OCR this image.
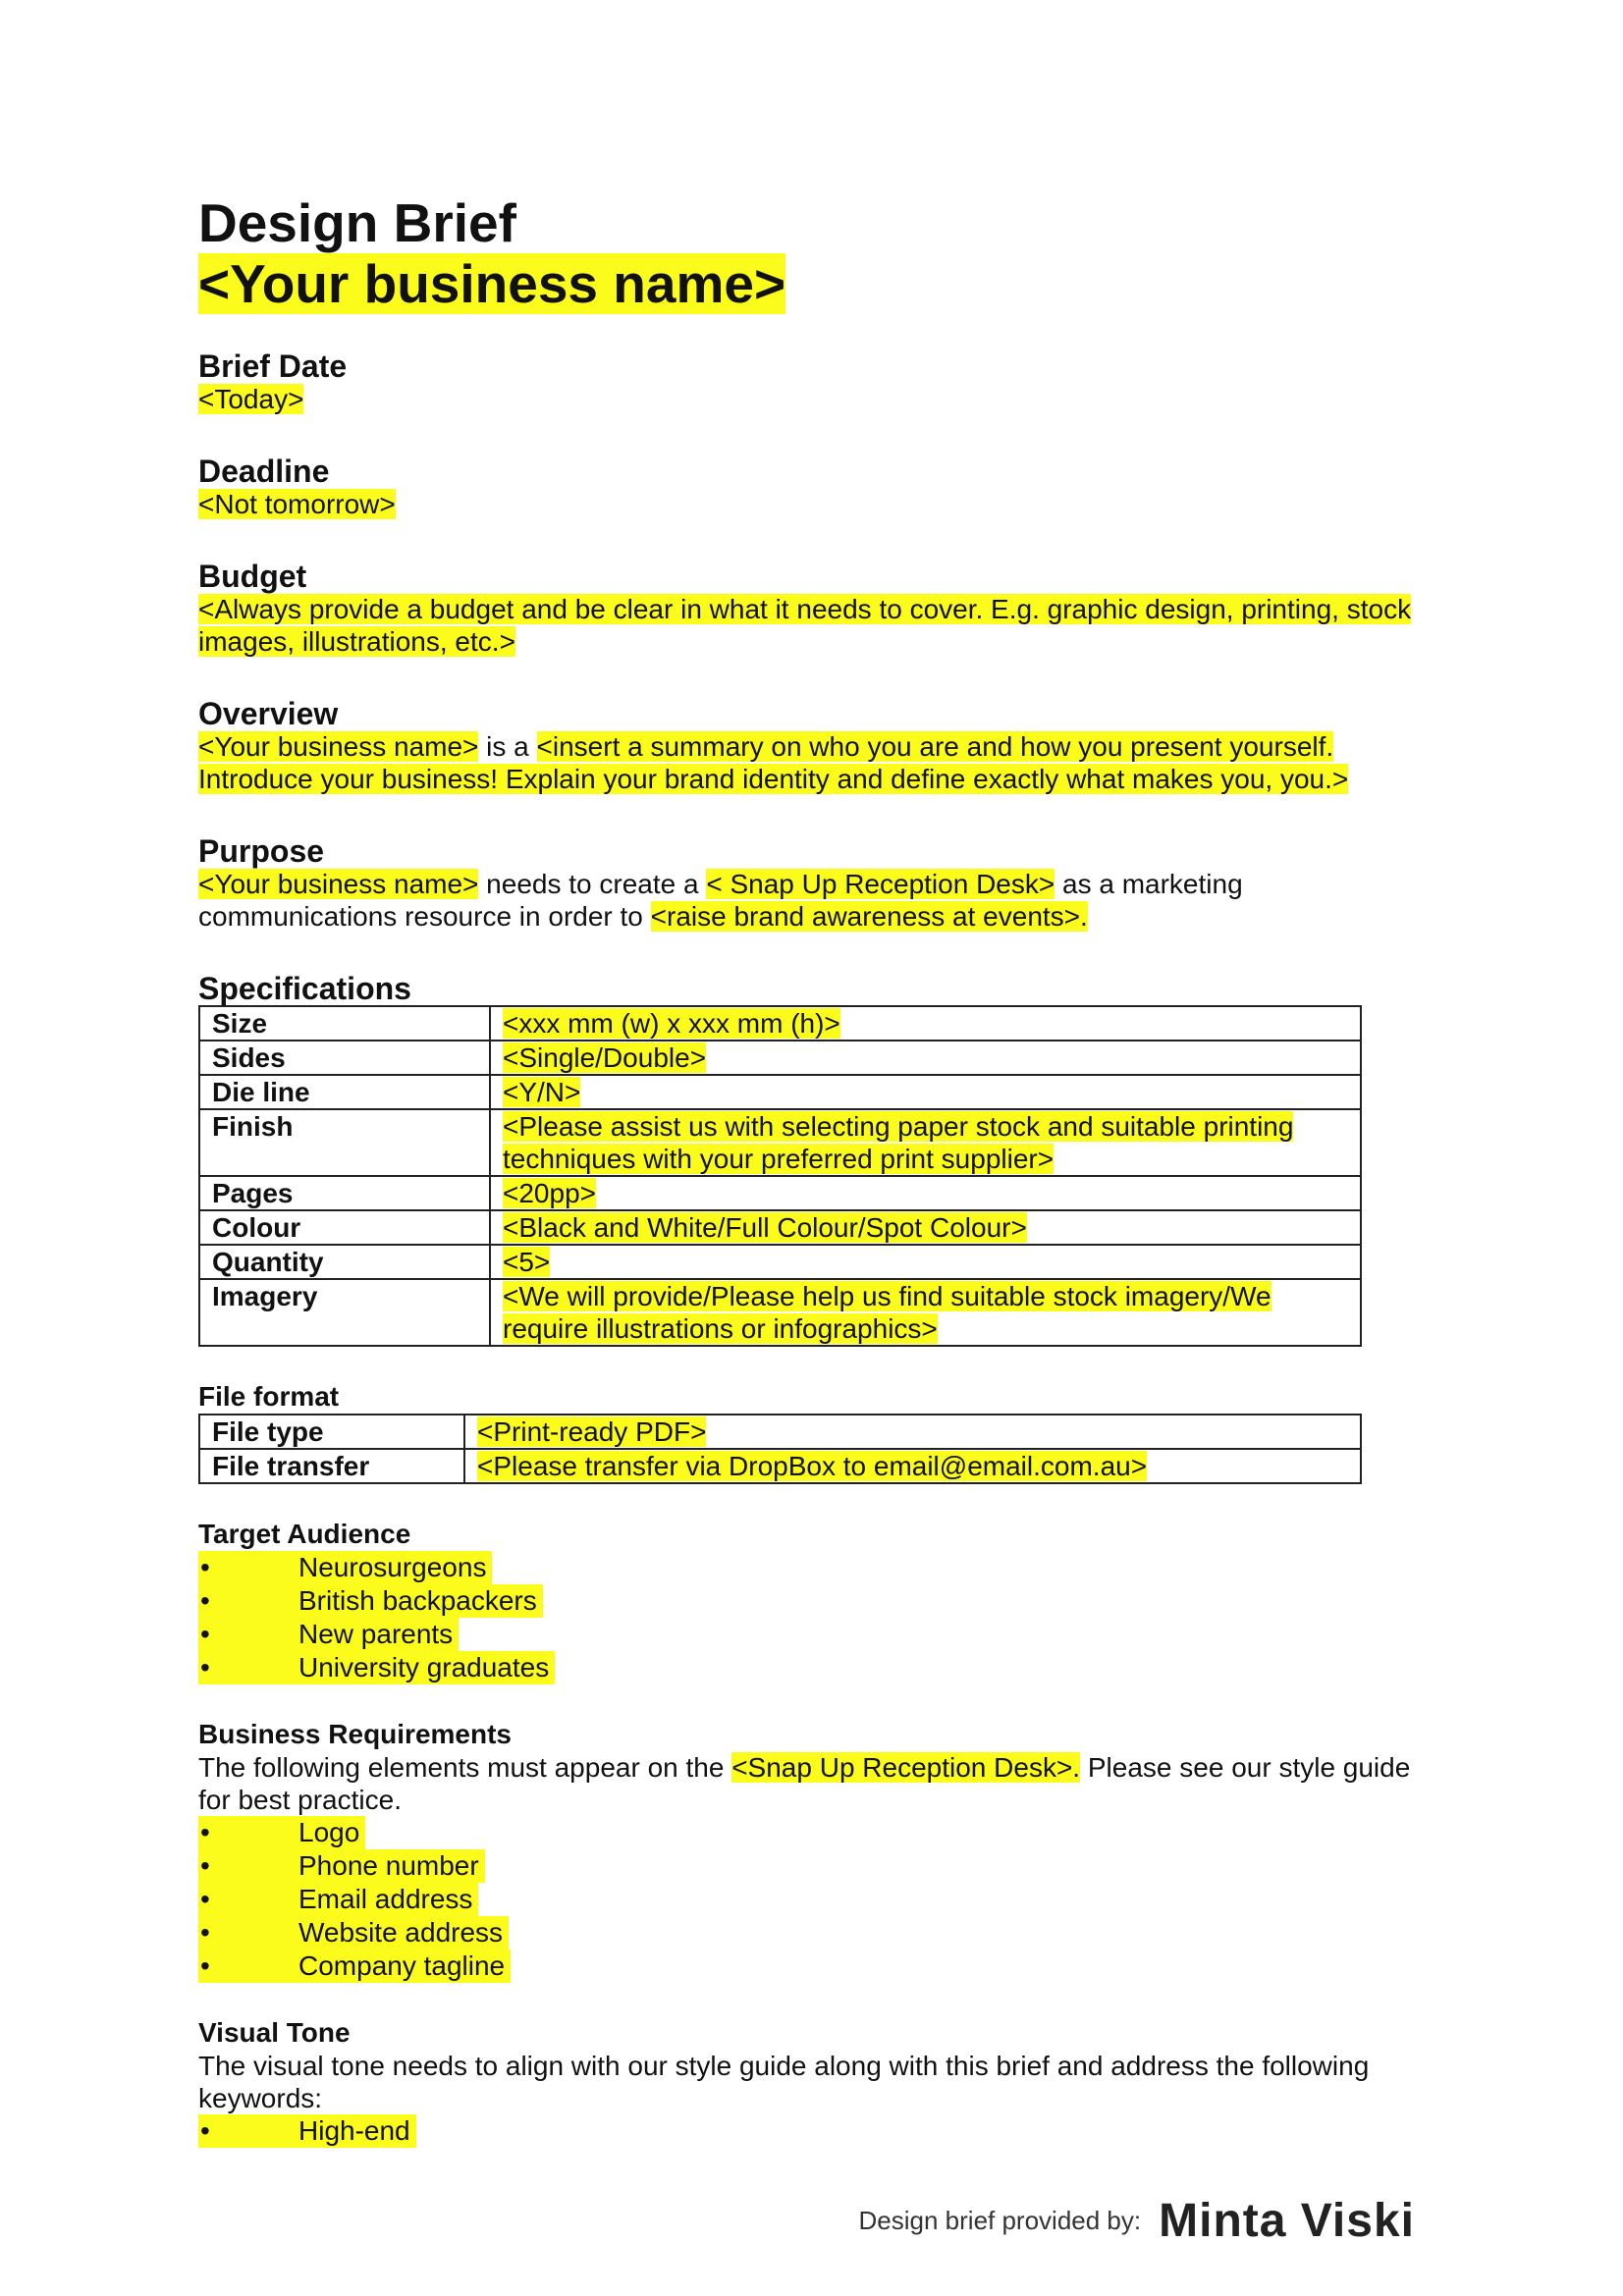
Design Brief
<Your business name>

Brief Date

<Today>

Deadline

<Not tomorrow>

Budget

<Always provide a budget and be clear in what it needs to cover. E.g. graphic design, printing, stock images, illustrations, etc.>

Overview

<Your business name> is a <insert a summary on who you are and how you present yourself. Introduce your business! Explain your brand identity and define exactly what makes you, you.>

Purpose

<Your business name> needs to create a < Snap Up Reception Desk> as a marketing communications resource in order to <raise brand awareness at events>.

Specifications

Size	<xxx mm (w) x xxx mm (h)>
Sides	<Single/Double>
Die line	<Y/N>
Finish	<Please assist us with selecting paper stock and suitable printing techniques with your preferred print supplier>
Pages	<20pp>
Colour	<Black and White/Full Colour/Spot Colour>
Quantity	<5>
Imagery	<We will provide/Please help us find suitable stock imagery/We require illustrations or infographics>

File format

File type	<Print-ready PDF>
File transfer	<Please transfer via DropBox to email@email.com.au>

Target Audience

•	Neurosurgeons
•	British backpackers
•	New parents
•	University graduates

Business Requirements

The following elements must appear on the <Snap Up Reception Desk>. Please see our style guide for best practice.

•	Logo
•	Phone number
•	Email address
•	Website address
•	Company tagline

Visual Tone

The visual tone needs to align with our style guide along with this brief and address the following keywords:

•	High-end
Design brief provided by: Minta Viski
